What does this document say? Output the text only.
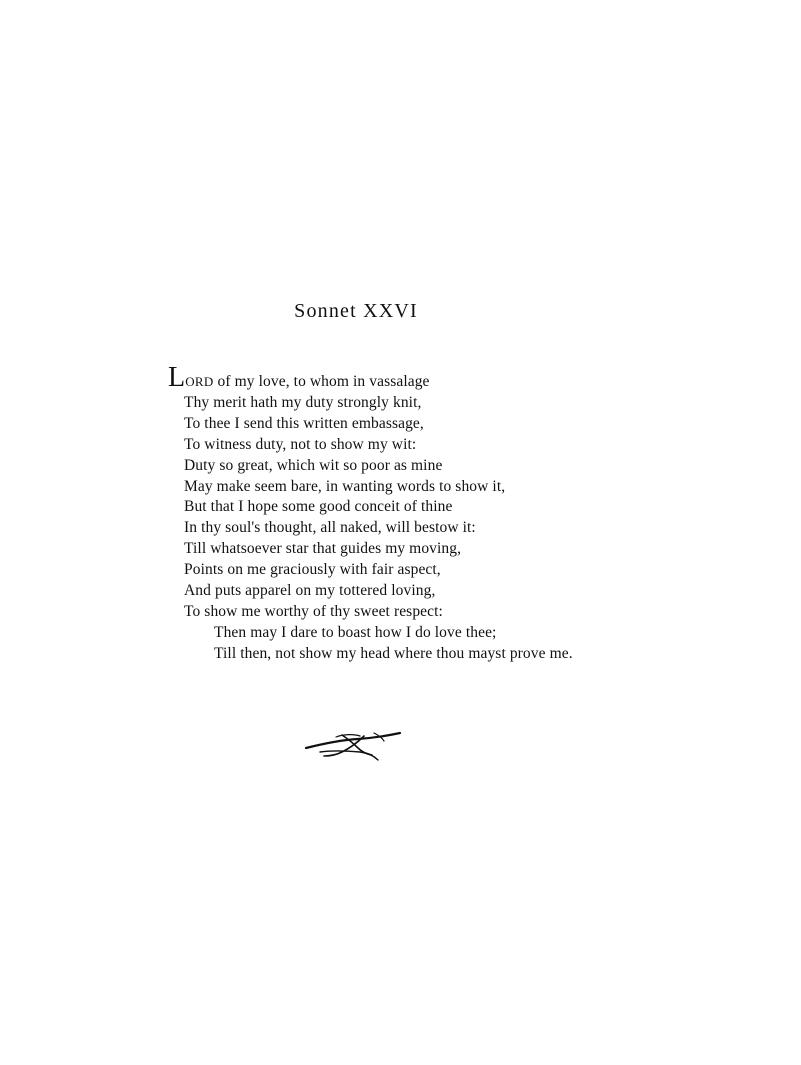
Sonnet XXVI
LORD of my love, to whom in vassalage
Thy merit hath my duty strongly knit,
To thee I send this written embassage,
To witness duty, not to show my wit:
Duty so great, which wit so poor as mine
May make seem bare, in wanting words to show it,
But that I hope some good conceit of thine
In thy soul's thought, all naked, will bestow it:
Till whatsoever star that guides my moving,
Points on me graciously with fair aspect,
And puts apparel on my tottered loving,
To show me worthy of thy sweet respect:
Then may I dare to boast how I do love thee;
Till then, not show my head where thou mayst prove me.
